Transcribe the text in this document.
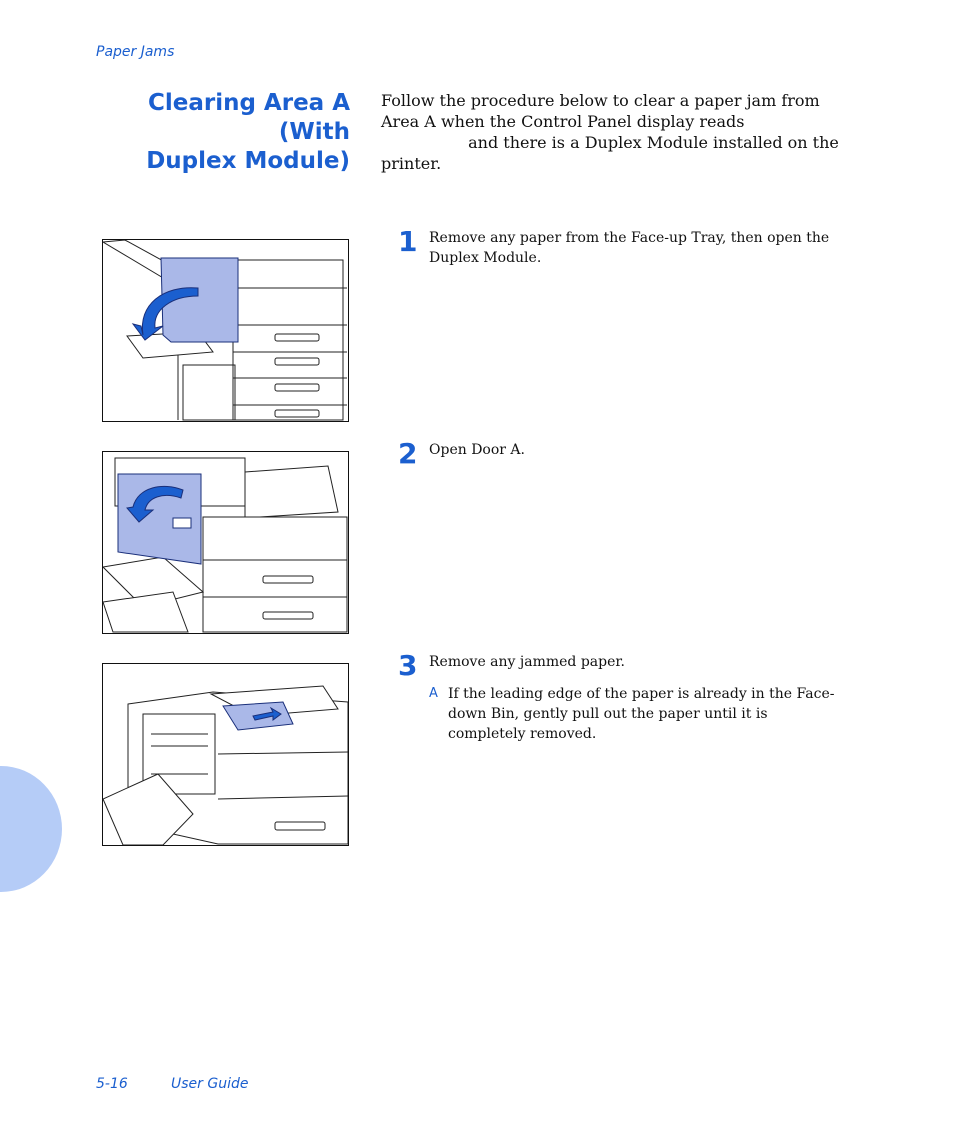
Paper Jams
Clearing Area A (With
Duplex Module)

Follow the procedure below to clear a paper jam from Area A when the Control Panel display reads
and there is a Duplex Module installed on the printer.

1 Remove any paper from the Face-up Tray, then open the Duplex Module.
2 Open Door A.
3 Remove any jammed paper.
A If the leading edge of the paper is already in the Face-down Bin, gently pull out the paper until it is completely removed.
5-16	User Guide
